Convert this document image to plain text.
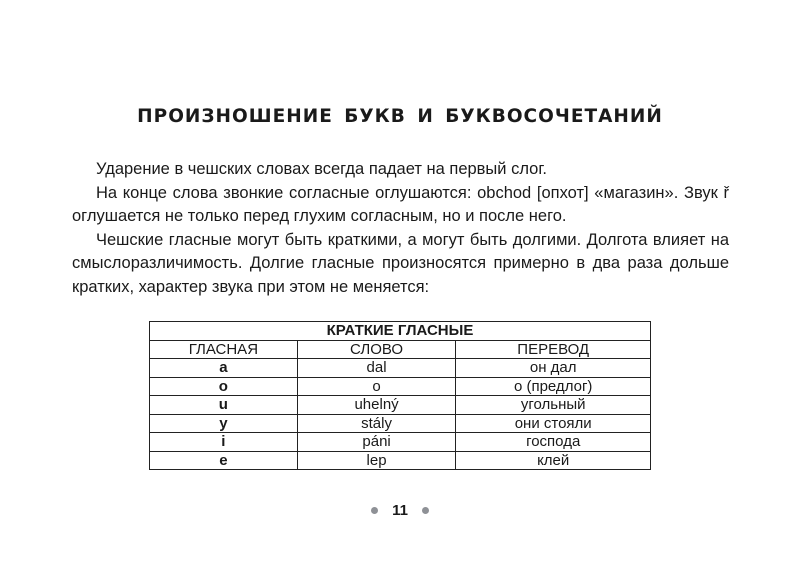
ПРОИЗНОШЕНИЕ БУКВ И БУКВОСОЧЕТАНИЙ

Ударение в чешских словах всегда падает на первый слог.

На конце слова звонкие согласные оглушаются: obchod [опхот] «магазин». Звук ř оглушается не только перед глухим согласным, но и после него.

Чешские гласные могут быть краткими, а могут быть долгими. Долгота влияет на смыслоразличимость. Долгие гласные произносятся примерно в два раза дольше кратких, характер звука при этом не меняется:

КРАТКИЕ ГЛАСНЫЕ		
ГЛАСНАЯ	СЛОВО	ПЕРЕВОД
a	dal	он дал
o	o	о (предлог)
u	uhelný	угольный
y	stály	они стояли
i	páni	господа
e	lep	клей
11
